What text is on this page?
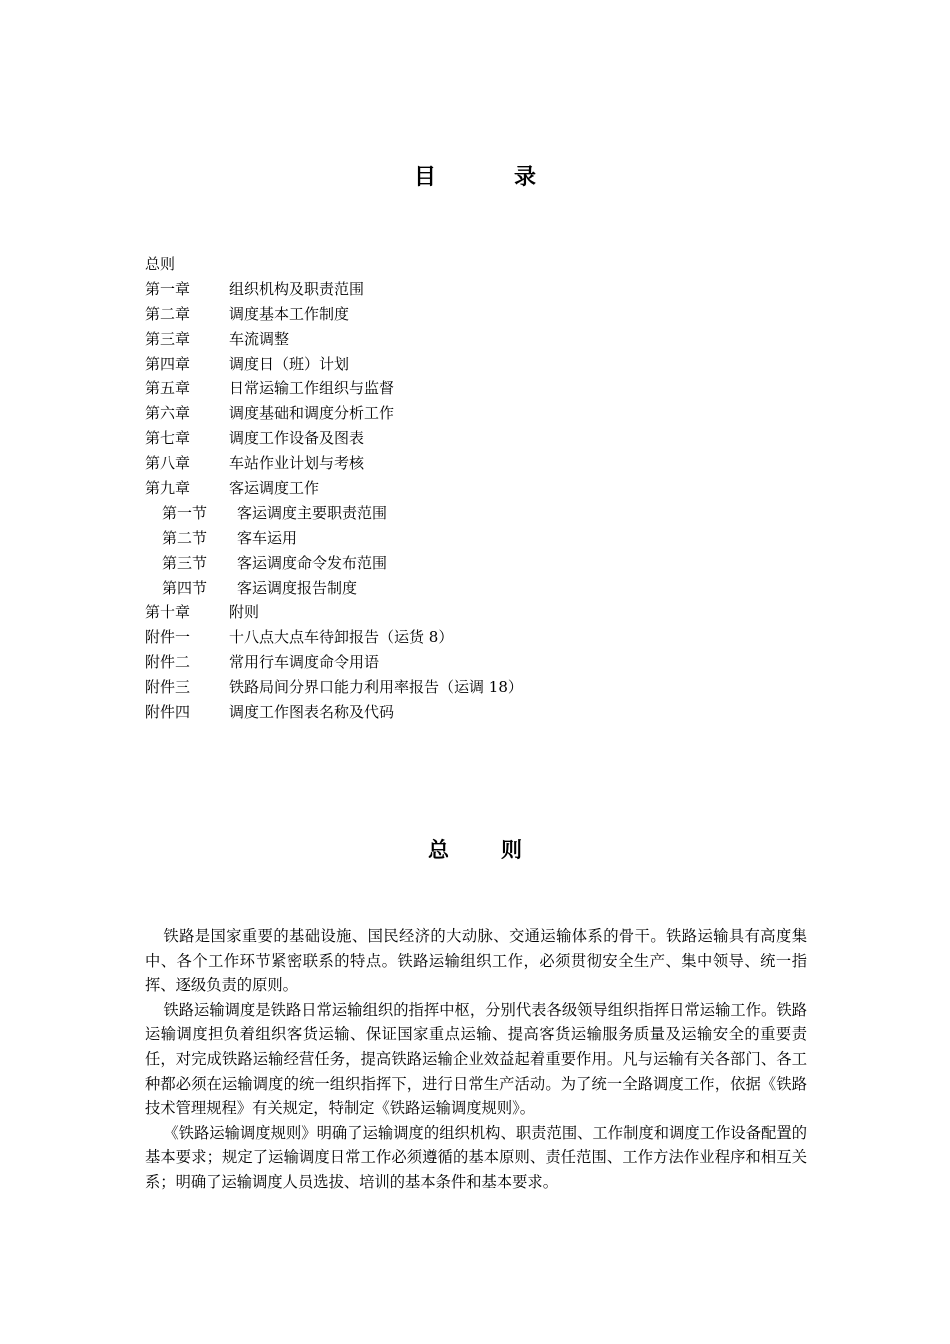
目	录
总则
第一章	组织机构及职责范围
第二章	调度基本工作制度
第三章	车流调整
第四章	调度日（班）计划
第五章	日常运输工作组织与监督
第六章	调度基础和调度分析工作
第七章	调度工作设备及图表
第八章	车站作业计划与考核
第九章	客运调度工作
第一节 客运调度主要职责范围
第二节 客车运用
第三节 客运调度命令发布范围
第四节 客运调度报告制度
第十章	附则
附件一	十八点大点车待卸报告（运货 8）
附件二	常用行车调度命令用语
附件三	铁路局间分界口能力利用率报告（运调 18）
附件四	调度工作图表名称及代码
总 则

铁路是国家重要的基础设施、国民经济的大动脉、交通运输体系的骨干。铁路运输具有高度集中、各个工作环节紧密联系的特点。铁路运输组织工作，必须贯彻安全生产、集中领导、统一指挥、逐级负责的原则。

铁路运输调度是铁路日常运输组织的指挥中枢，分别代表各级领导组织指挥日常运输工作。铁路运输调度担负着组织客货运输、保证国家重点运输、提高客货运输服务质量及运输安全的重要责任，对完成铁路运输经营任务，提高铁路运输企业效益起着重要作用。凡与运输有关各部门、各工种都必须在运输调度的统一组织指挥下，进行日常生产活动。为了统一全路调度工作，依据《铁路技术管理规程》有关规定，特制定《铁路运输调度规则》。

《铁路运输调度规则》明确了运输调度的组织机构、职责范围、工作制度和调度工作设备配置的基本要求；规定了运输调度日常工作必须遵循的基本原则、责任范围、工作方法作业程序和相互关系；明确了运输调度人员选拔、培训的基本条件和基本要求。
